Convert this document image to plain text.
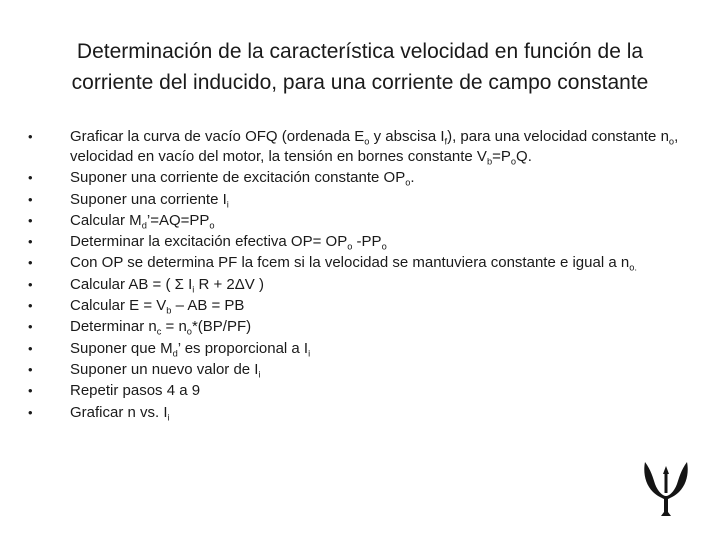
Determinación de la característica velocidad en función de la
corriente del inducido, para una corriente de campo constante
• Graficar la curva de vacío OFQ (ordenada $E_o$ y abscisa $I_f$), para una velocidad constante $n_o$, velocidad en vacío del motor, la tensión en bornes constante $V_b=P_oQ$.
• Suponer una corriente de excitación constante $OP_o$.
• Suponer una corriente $I_i$
• Calcular $M_d’=AQ=PP_o$
• Determinar la excitación efectiva $OP= OP_o$ $-PP_o$
• Con OP se determina PF la fcem si la velocidad se mantuviera constante e igual a $n_{o.}$
• Calcular AB = ( Σ $I_i$ R + 2ΔV )
• Calcular $E = V_b$ – AB = PB
• Determinar $n_c = n_o*(BP/PF)$
• Suponer que $M_d$’ es proporcional a $I_i$
• Suponer un nuevo valor de $I_i$
• Repetir pasos 4 a 9
• Graficar n vs. $I_i$
